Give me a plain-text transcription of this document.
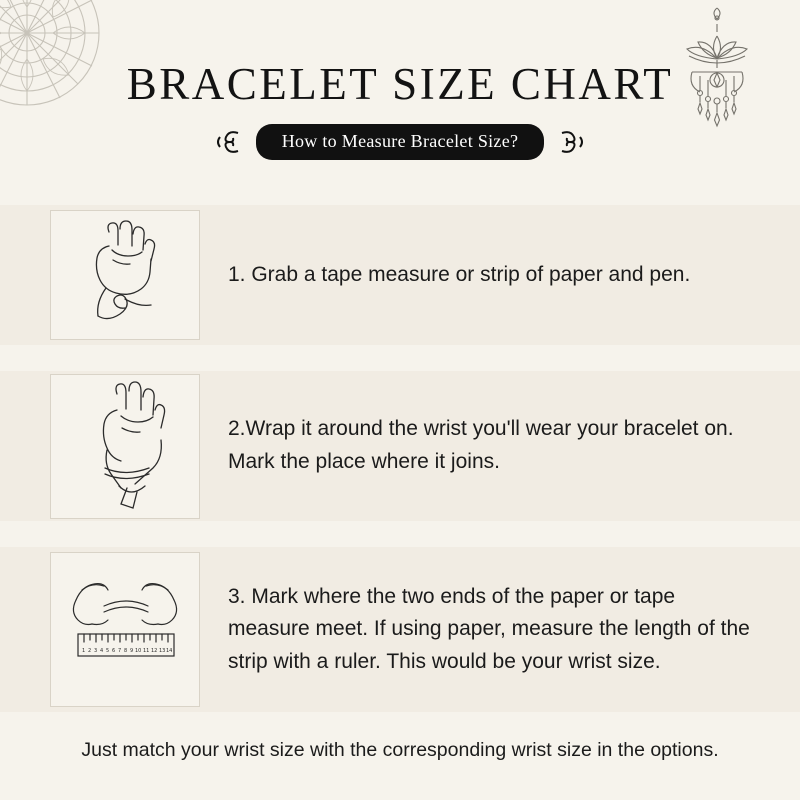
BRACELET SIZE CHART
How to Measure Bracelet Size?
1. Grab a tape measure or strip of paper and pen.
2.Wrap it around the wrist you'll wear your bracelet on. Mark the place where it joins.
1 2 3 4 5 6 7 8 9 10 11 12 13 14
3. Mark where the two ends of the paper or tape measure meet. If using paper, measure the length of the strip with a ruler. This would be your wrist size.
Just match your wrist size with the corresponding wrist size in the options.
